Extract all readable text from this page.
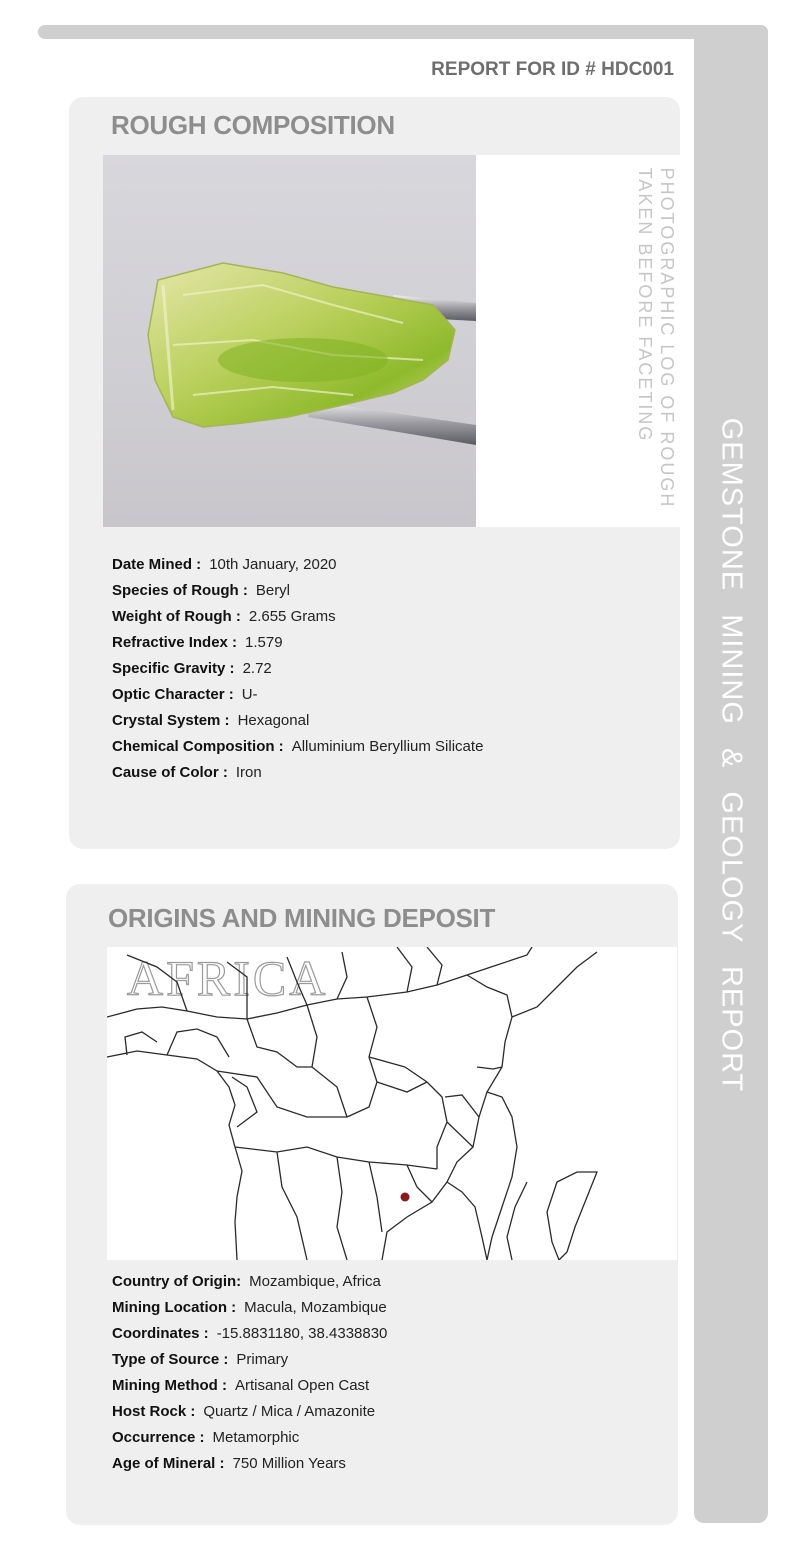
GEMSTONE MINING & GEOLOGY REPORT
REPORT FOR ID # HDC001
ROUGH COMPOSITION
PHOTOGRAPHIC LOG OF ROUGH
TAKEN BEFORE FACETING
Date Mined : 10th January, 2020
Species of Rough : Beryl
Weight of Rough : 2.655 Grams
Refractive Index : 1.579
Specific Gravity : 2.72
Optic Character : U-
Crystal System : Hexagonal
Chemical Composition : Alluminium Beryllium Silicate
Cause of Color : Iron
ORIGINS AND MINING DEPOSIT
AFRICA
Country of Origin: Mozambique, Africa
Mining Location : Macula, Mozambique
Coordinates : -15.8831180, 38.4338830
Type of Source : Primary
Mining Method : Artisanal Open Cast
Host Rock : Quartz / Mica / Amazonite
Occurrence : Metamorphic
Age of Mineral : 750 Million Years
